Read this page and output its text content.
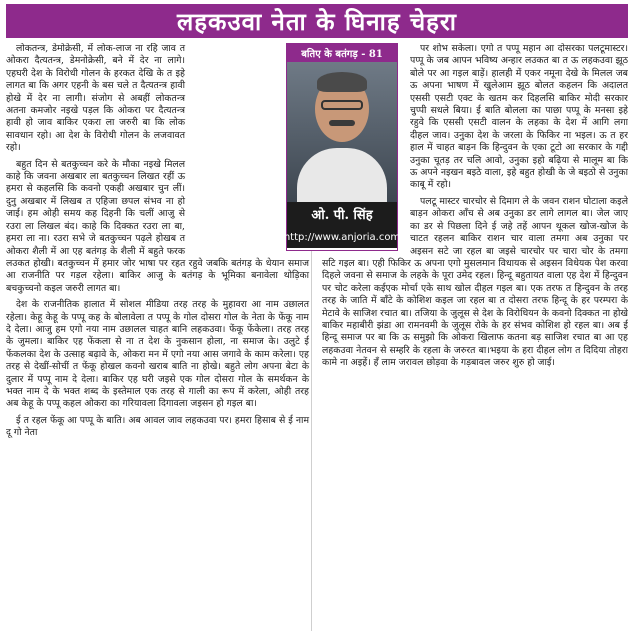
लहकउवा नेता के घिनाह चेहरा

लोकतन्त्र, डेमोक्रेसी, में लोक-लाज ना रहि जाव त ओकरा दैत्यतन्त्र, डेमनोक्रेसी, बने में देर ना लागे। एहघरी देश के विरोधी गोलन के हरकत देखि के त इहे लागत बा कि अगर एहनी के बस चले त दैत्यतन्त्र हावी होखे में देर ना लागी। संजोग से अबहीं लोकतन्त्र अतना कमजोर नइखे पड़ल कि ओकरा पर दैत्यतन्त्र हावी हो जाव बाकिर एकरा ला जरुरी बा कि लोक सावधान रहो। आ देश के विरोधी गोलन के लजवावत रहो।

बहुत दिन से बतकुच्चन करे के मौका नइखे मिलल काहे कि जवना अखबार ला बतकुच्चन लिखत रहीं ऊ हमरा से कहलसि कि कवनो एकही अखबार चुन लीं। दुनु अखबार में लिखब त एहिजा छपल संभव ना हो जाई। हम ओही समय कह दिहनी कि चलीं आजु से रउरा ला लिखल बंद। काहे कि दिक्कत रउरा ला बा, हमरा ला ना। रउरा सभे जे बतकुच्चन पढ़ले होखब त ओकरा शैली में आ एह बतंगड़ के शैली में बहुते फरक लउकत होखी। बतकुच्चन में हमार जोर भाषा पर रहत रहुवे जबकि बतंगड़ के धेयान समाज आ राजनीति पर गड़ल रहेला। बाकिर आजु के बतंगड़ के भूमिका बनावेला थोड़िका बचकुच्चनो कइल जरुरी लागत बा।

देश के राजनीतिक हालात में सोशल मीडिया तरह तरह के मुहावरा आ नाम उछालत रहेला। केहू केहू के पप्पू कह के बोलावेला त पप्पू के गोल दोसरा गोल के नेता के फेंकू नाम दे देला। आजु हम एगो नया नाम उछालल चाहत बानि लहकउवा। फेंकू फेंकेला। तरह तरह के जुमला। बाकिर एह फेंकला से ना त देश के नुकसान होला, ना समाज के। उलुटे ई फेंकलका देश के उत्साह बढ़ावे के, ओकरा मन में एगो नया आस जगावे के काम करेला। एह तरह से देखीं-सोचीं त फेंकू होखल कवनो खराब बाति ना होखे। बहुते लोग अपना बेटा के दुलार में पप्पू नाम दे देला। बाकिर एह घरी जइसे एक गोल दोसरा गोल के समर्थकन के भक्त नाम दे के भक्त शब्द के इस्तेमाल एक तरह से गाली का रूप में करेला, ओही तरह अब केहू के पप्पू कहल ओकरा का गरियावला दिगावला जइसन हो गइल बा।

ई त रहल फेंकू आ पप्पू के बाति। अब आवल जाव लहकउवा पर। हमरा हिसाब से ई नाम दू गो नेता

पर शोभ सकेला। एगो त पप्पू महान आ दोसरका पलटूमास्टर। पप्पू के जब आपन भविष्य अन्हार लउकत बा त ऊ लहकउवा झूठ बोले पर आ गइल बाड़ें। हालही में एकर नमूना देखे के मिलल जब ऊ अपना भाषण में खुलेआम झूठ बोलत कहलन कि अदालत एससी एसटी एक्ट के खतम कर दिहलसि बाकिर मोदी सरकार चुप्पी सधले बिया। ई बाति बोलला का पाछा पप्पू के मनसा इहे रहुवे कि एससी एसटी वालन के लहका के देश में आगि लगा दीहल जाव। उनुका देश के जरला के फिकिर ना भइल। ऊ त हर हाल में चाहत बाड़न कि हिन्दुवन के एका टूटो आ सरकार के गद्दी उनुका चूतड़ तर चलि आवो, उनुका इहो बढ़िया से मालूम बा कि ऊ अपने नइखन बइठे वाला, इहे बहुत होखी के जे बइठो से उनुका काबू में रहो।

पलटू मास्टर चारचोर से दिमाग ले के जवन राशन घोटाला कइले बाड़न ओकरा आँच से अब उनुका डर लागे लागल बा। जेल जाए का डर से पिछला दिने ई जहे तहें आपन थूकल खोज-खोज के चाटत रहलन बाकिर राशन चार वाला तमगा अब उनुका पर अइसन सटे जा रहल बा जइसे चारचोर पर चारा चोर के तमगा सटि गइल बा। एही फिकिर ऊ अपना एगो मुसलमान विधायक से अइसन विधेयक पेश करवा दिहले जवना से समाज के लहके के पूरा उमेद रहल। हिन्दू बहुतायत वाला एह देश में हिन्दुवन पर चोट करेला कईएक मोर्चा एके साथ खोल दीहल गइल बा। एक तरफ त हिन्दुवन के तरह तरह के जाति में बाँटे के कोशिश कइल जा रहल बा त दोसरा तरफ हिन्दू के हर परम्परा के मेटावे के साजिश रचात बा। तजिया के जुलूस से देश के विरोधियन के कवनो दिक्कत ना होखे बाकिर महाबीरी झंडा आ रामनवमी के जुलूस रोके के हर संभव कोशिश हो रहल बा। अब ई हिन्दू समाज पर बा कि ऊ समुझो कि ओकरा खिलाफ कतना बड़ साजिश रचात बा आ एह लहकउवा नेतवन से सम्हरि के रहला के जरुरत बा।भइया के हरा दीहल लोग त दिदिया तोहरा कामे ना अइहें। हँ लाम जरावल छोड़वा के गड़बावल जरुर शुरु हो जाई।

बतिए के बतंगड़ - 81
ओ. पी. सिंह
http://www.anjoria.com
